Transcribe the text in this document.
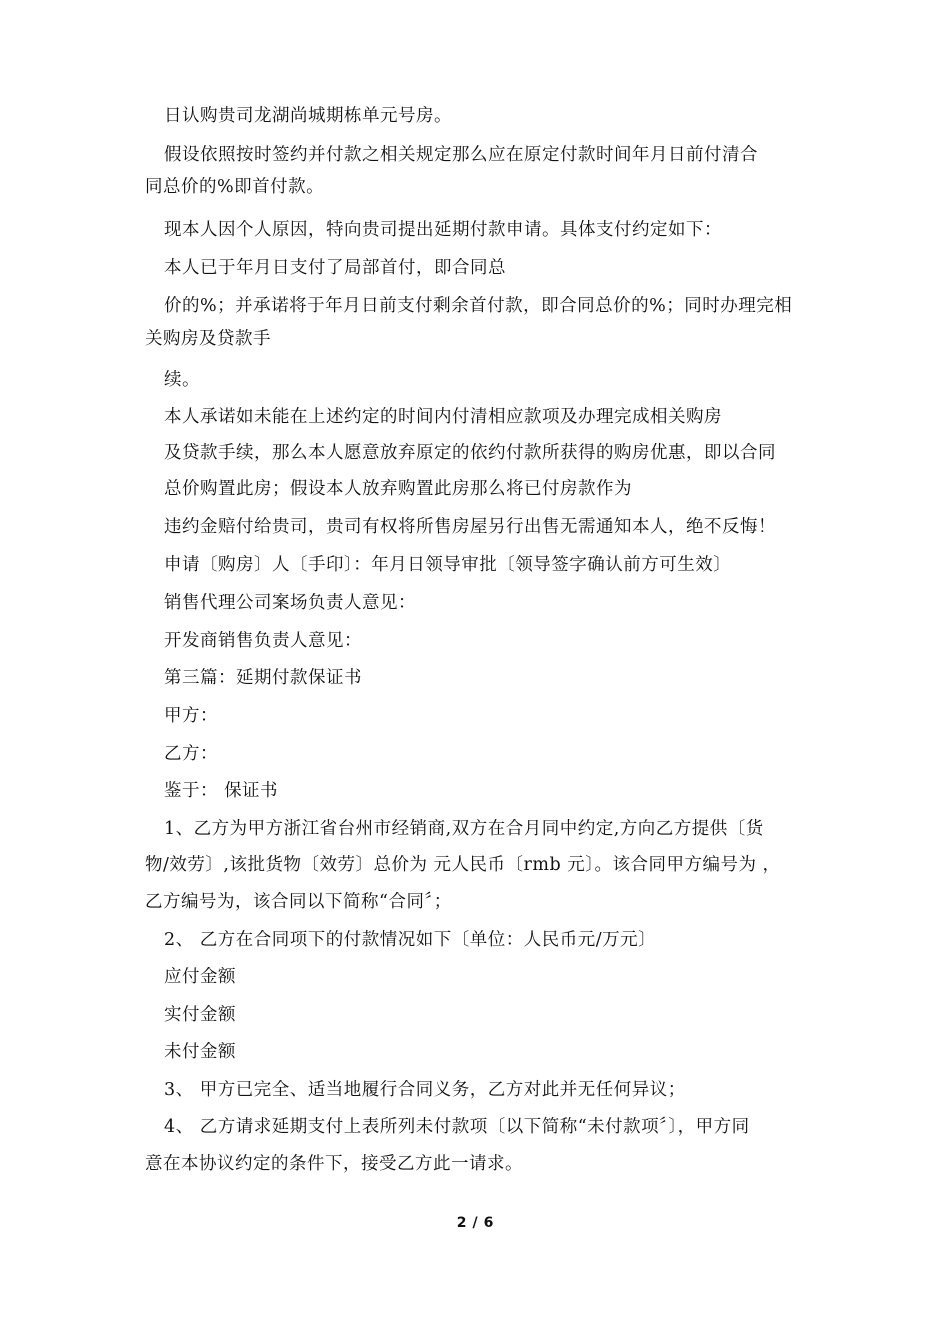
日认购贵司龙湖尚城期栋单元号房。
假设依照按时签约并付款之相关规定那么应在原定付款时间年月日前付清合
同总价的%即首付款。
现本人因个人原因，特向贵司提出延期付款申请。具体支付约定如下：
本人已于年月日支付了局部首付，即合同总
价的%；并承诺将于年月日前支付剩余首付款，即合同总价的%；同时办理完相
关购房及贷款手
续。
本人承诺如未能在上述约定的时间内付清相应款项及办理完成相关购房
及贷款手续，那么本人愿意放弃原定的依约付款所获得的购房优惠，即以合同
总价购置此房；假设本人放弃购置此房那么将已付房款作为
违约金赔付给贵司，贵司有权将所售房屋另行出售无需通知本人，绝不反悔！
申请〔购房〕人〔手印〕：年月日领导审批〔领导签字确认前方可生效〕
销售代理公司案场负责人意见：
开发商销售负责人意见：
第三篇：延期付款保证书
甲方：
乙方：
鉴于： 保证书
1、乙方为甲方浙江省台州市经销商,双方在合月同中约定,方向乙方提供〔货
物/效劳〕,该批货物〔效劳〕总价为 元人民币〔rmb 元〕。该合同甲方编号为 ，
乙方编号为，该合同以下简称“合同〞；
2、 乙方在合同项下的付款情况如下〔单位：人民币元/万元〕
应付金额
实付金额
未付金额
3、 甲方已完全、适当地履行合同义务，乙方对此并无任何异议；
4、 乙方请求延期支付上表所列未付款项〔以下简称“未付款项〞〕，甲方同
意在本协议约定的条件下，接受乙方此一请求。
2 / 6
